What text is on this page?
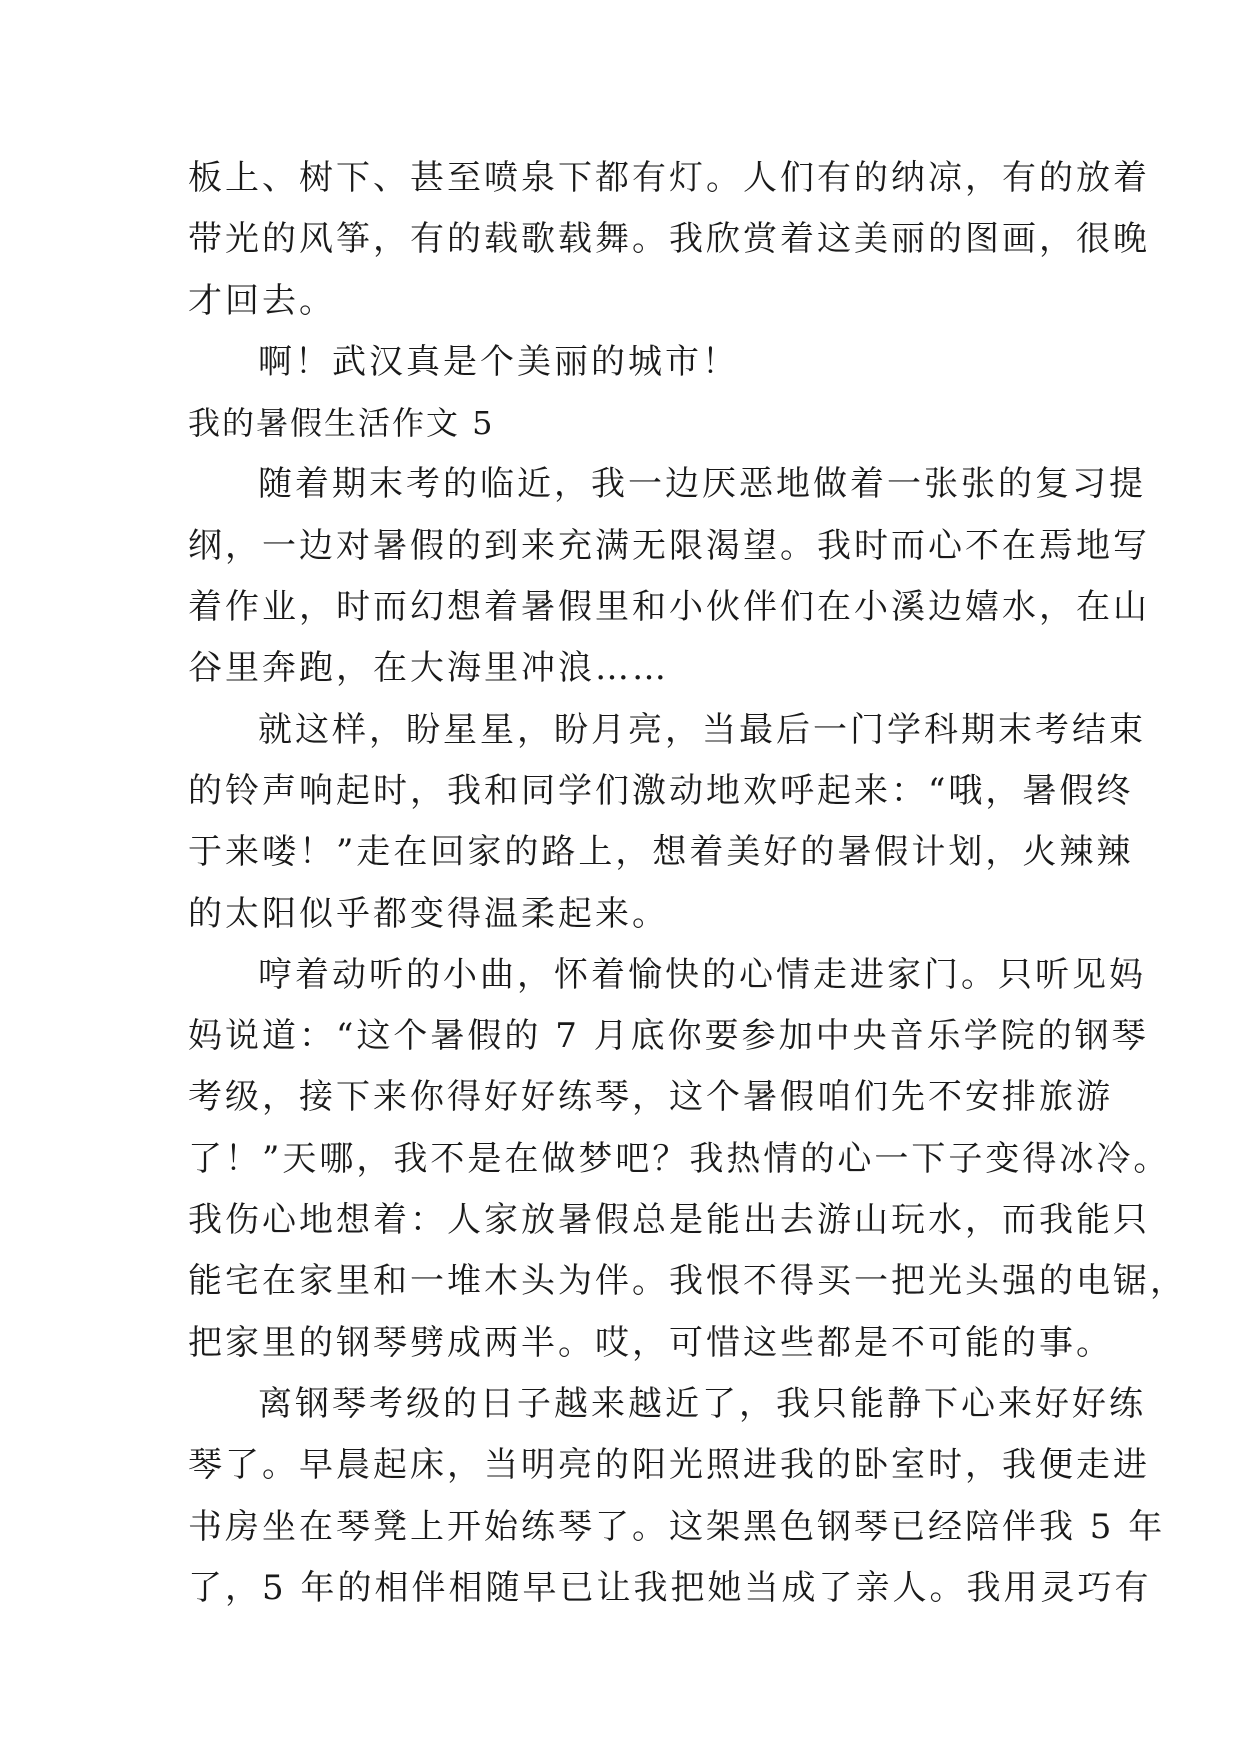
板上、树下、甚至喷泉下都有灯。人们有的纳凉，有的放着
带光的风筝，有的载歌载舞。我欣赏着这美丽的图画，很晚
才回去。
啊！武汉真是个美丽的城市！
我的暑假生活作文 5
随着期末考的临近，我一边厌恶地做着一张张的复习提
纲，一边对暑假的到来充满无限渴望。我时而心不在焉地写
着作业，时而幻想着暑假里和小伙伴们在小溪边嬉水，在山
谷里奔跑，在大海里冲浪……
就这样，盼星星，盼月亮，当最后一门学科期末考结束
的铃声响起时，我和同学们激动地欢呼起来：“哦，暑假终
于来喽！”走在回家的路上，想着美好的暑假计划，火辣辣
的太阳似乎都变得温柔起来。
哼着动听的小曲，怀着愉快的心情走进家门。只听见妈
妈说道：“这个暑假的 7 月底你要参加中央音乐学院的钢琴
考级，接下来你得好好练琴，这个暑假咱们先不安排旅游
了！”天哪，我不是在做梦吧？我热情的心一下子变得冰冷。
我伤心地想着：人家放暑假总是能出去游山玩水，而我能只
能宅在家里和一堆木头为伴。我恨不得买一把光头强的电锯，
把家里的钢琴劈成两半。哎，可惜这些都是不可能的事。
离钢琴考级的日子越来越近了，我只能静下心来好好练
琴了。早晨起床，当明亮的阳光照进我的卧室时，我便走进
书房坐在琴凳上开始练琴了。这架黑色钢琴已经陪伴我 5 年
了，5 年的相伴相随早已让我把她当成了亲人。我用灵巧有
